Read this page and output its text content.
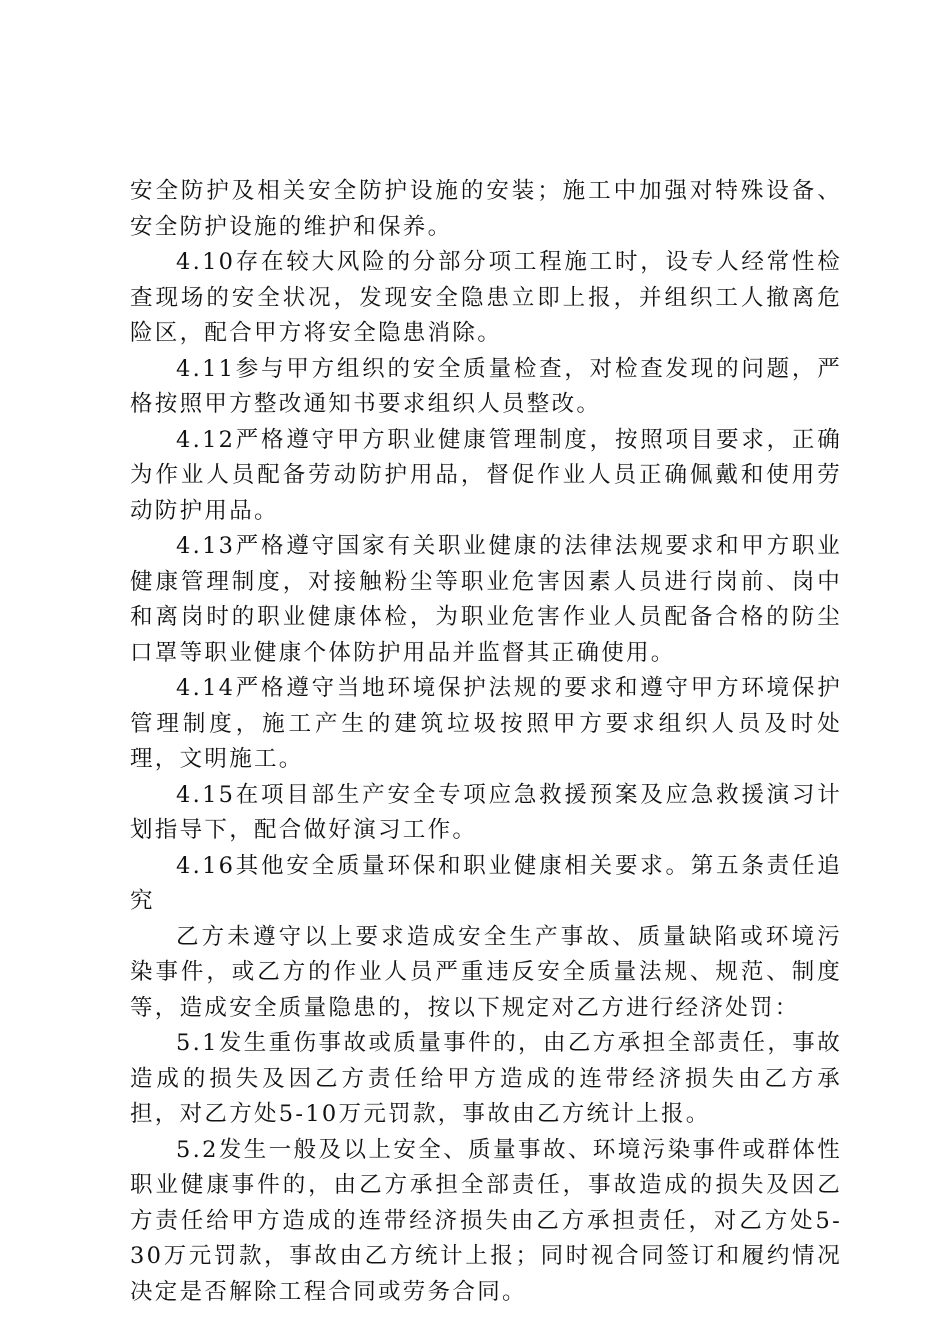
安全防护及相关安全防护设施的安装；施工中加强对特殊设备、安全防护设施的维护和保养。

4.10存在较大风险的分部分项工程施工时，设专人经常性检查现场的安全状况，发现安全隐患立即上报，并组织工人撤离危险区，配合甲方将安全隐患消除。

4.11参与甲方组织的安全质量检查，对检查发现的问题，严格按照甲方整改通知书要求组织人员整改。

4.12严格遵守甲方职业健康管理制度，按照项目要求，正确为作业人员配备劳动防护用品，督促作业人员正确佩戴和使用劳动防护用品。

4.13严格遵守国家有关职业健康的法律法规要求和甲方职业健康管理制度，对接触粉尘等职业危害因素人员进行岗前、岗中和离岗时的职业健康体检，为职业危害作业人员配备合格的防尘口罩等职业健康个体防护用品并监督其正确使用。

4.14严格遵守当地环境保护法规的要求和遵守甲方环境保护管理制度，施工产生的建筑垃圾按照甲方要求组织人员及时处理，文明施工。

4.15在项目部生产安全专项应急救援预案及应急救援演习计划指导下，配合做好演习工作。

4.16其他安全质量环保和职业健康相关要求。第五条责任追究

乙方未遵守以上要求造成安全生产事故、质量缺陷或环境污染事件，或乙方的作业人员严重违反安全质量法规、规范、制度等，造成安全质量隐患的，按以下规定对乙方进行经济处罚：

5.1发生重伤事故或质量事件的，由乙方承担全部责任，事故造成的损失及因乙方责任给甲方造成的连带经济损失由乙方承担，对乙方处5-10万元罚款，事故由乙方统计上报。

5.2发生一般及以上安全、质量事故、环境污染事件或群体性职业健康事件的，由乙方承担全部责任，事故造成的损失及因乙方责任给甲方造成的连带经济损失由乙方承担责任，对乙方处5-30万元罚款，事故由乙方统计上报；同时视合同签订和履约情况决定是否解除工程合同或劳务合同。
